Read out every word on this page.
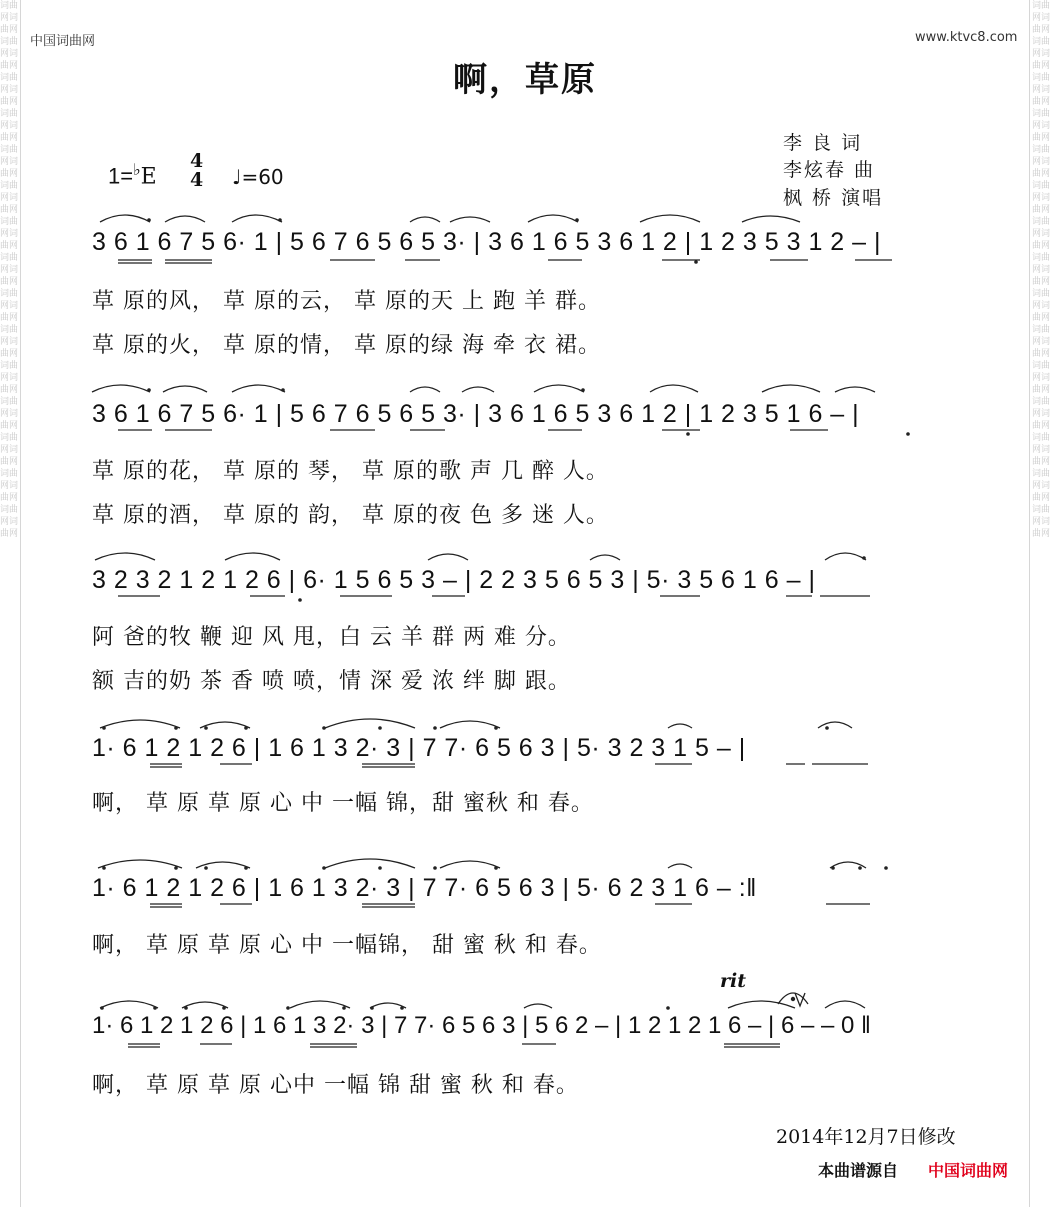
词曲网词曲网词曲网词曲网词曲网词曲网词曲网词曲网词曲网词曲网词曲网词曲网词曲网词曲网词曲网词曲网词曲网词曲网词曲网词曲网词曲网词曲网词曲网词曲网词曲网词曲网词曲网词曲网词曲网词曲网
词曲网词曲网词曲网词曲网词曲网词曲网词曲网词曲网词曲网词曲网词曲网词曲网词曲网词曲网词曲网词曲网词曲网词曲网词曲网词曲网词曲网词曲网词曲网词曲网词曲网词曲网词曲网词曲网词曲网词曲网
中国词曲网	www.ktvc8.com
啊，草原
李 良 词
李炫春 曲
枫 桥 演唱
1=♭E
4
4 ♩=60
3 6 1 6 7 5 6· 1 | 5 6 7 6 5 6 5 3· | 3 6 1 6 5 3 6 1 2 | 1 2 3 5 3 1 2 – |
草 原的风， 草 原的云， 草 原的天 上 跑 羊 群。
草 原的火， 草 原的情， 草 原的绿 海 牵 衣 裙。
3 6 1 6 7 5 6· 1 | 5 6 7 6 5 6 5 3· | 3 6 1 6 5 3 6 1 2 | 1 2 3 5 1 6 – |
草 原的花， 草 原的 琴， 草 原的歌 声 几 醉 人。
草 原的酒， 草 原的 韵， 草 原的夜 色 多 迷 人。
3 2 3 2 1 2 1 2 6 | 6· 1 5 6 5 3 – | 2 2 3 5 6 5 3 | 5· 3 5 6 1 6 – |
阿 爸的牧 鞭 迎 风 甩，白 云 羊 群 两 难 分。
额 吉的奶 茶 香 喷 喷，情 深 爱 浓 绊 脚 跟。
1· 6 1 2 1 2 6 | 1 6 1 3 2· 3 | 7 7· 6 5 6 3 | 5· 3 2 3 1 5 – |
啊， 草 原 草 原 心 中 一幅 锦，甜 蜜秋 和 春。
1· 6 1 2 1 2 6 | 1 6 1 3 2· 3 | 7 7· 6 5 6 3 | 5· 6 2 3 1 6 – :‖
啊， 草 原 草 原 心 中 一幅锦， 甜 蜜 秋 和 春。
rit
1· 6 1 2 1 2 6 | 1 6 1 3 2· 3 | 7 7· 6 5 6 3 | 5 6 2 – | 1 2 1 2 1 6 – | 6 – – 0 ‖
啊， 草 原 草 原 心中 一幅 锦 甜 蜜 秋 和 春。
2014年12月7日修改
本曲谱源自 中国词曲网
